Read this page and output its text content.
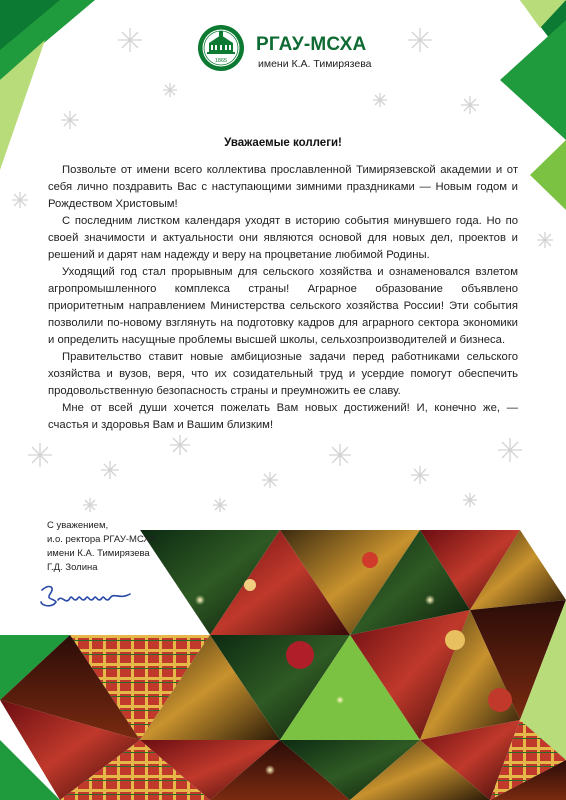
1865
РГАУ-МСХА
имени К.А. Тимирязева
Уважаемые коллеги!

Позвольте от имени всего коллектива прославленной Тимирязевской академии и от себя лично поздравить Вас с наступающими зимними праздниками — Новым годом и Рождеством Христовым!

С последним листком календаря уходят в историю события минувшего года. Но по своей значимости и актуальности они являются основой для новых дел, проектов и решений и дарят нам надежду и веру на процветание любимой Родины.

Уходящий год стал прорывным для сельского хозяйства и ознаменовался взлетом агропромышленного комплекса страны! Аграрное образование объявлено приоритетным направлением Министерства сельского хозяйства России! Эти события позволили по-новому взглянуть на подготовку кадров для аграрного сектора экономики и определить насущные проблемы высшей школы, сельхозпроизводителей и бизнеса.

Правительство ставит новые амбициозные задачи перед работниками сельского хозяйства и вузов, веря, что их созидательный труд и усердие помогут обеспечить продовольственную безопасность страны и преумножить ее славу.

Мне от всей души хочется пожелать Вам новых достижений! И, конечно же, — счастья и здоровья Вам и Вашим близким!

С уважением,
и.о. ректора РГАУ-МСХА
имени К.А. Тимирязева
Г.Д. Золина
